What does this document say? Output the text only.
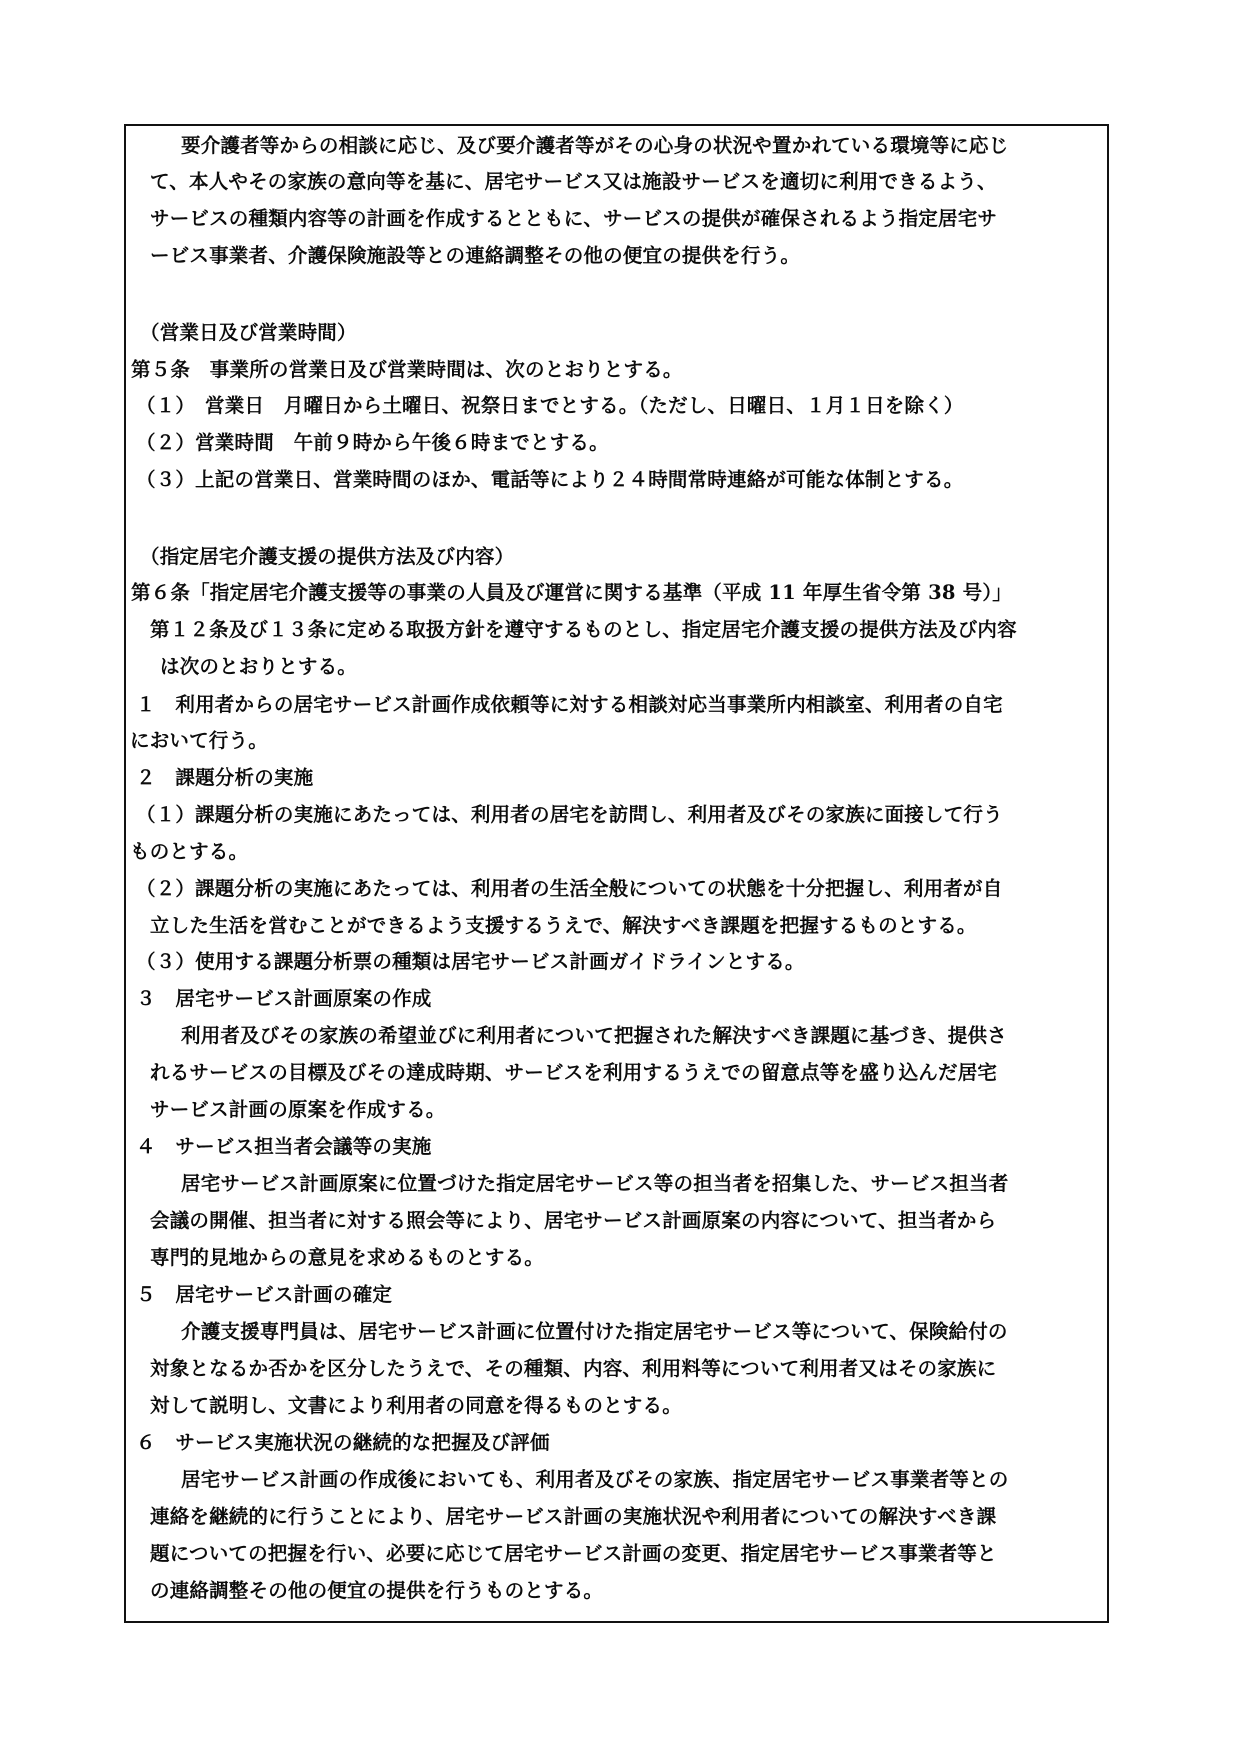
要介護者等からの相談に応じ、及び要介護者等がその心身の状況や置かれている環境等に応じ
て、本人やその家族の意向等を基に、居宅サービス又は施設サービスを適切に利用できるよう、
サービスの種類内容等の計画を作成するとともに、サービスの提供が確保されるよう指定居宅サ
ービス事業者、介護保険施設等との連絡調整その他の便宜の提供を行う。
（営業日及び営業時間）
第５条　事業所の営業日及び営業時間は、次のとおりとする。
（１）　営業日　月曜日から土曜日、祝祭日までとする。（ただし、日曜日、１月１日を除く）
（２）営業時間　午前９時から午後６時までとする。
（３）上記の営業日、営業時間のほか、電話等により２４時間常時連絡が可能な体制とする。
（指定居宅介護支援の提供方法及び内容）
第６条「指定居宅介護支援等の事業の人員及び運営に関する基準（平成 11 年厚生省令第 38 号）」
第１２条及び１３条に定める取扱方針を遵守するものとし、指定居宅介護支援の提供方法及び内容
は次のとおりとする。
１　利用者からの居宅サービス計画作成依頼等に対する相談対応当事業所内相談室、利用者の自宅
において行う。
２　課題分析の実施
（１）課題分析の実施にあたっては、利用者の居宅を訪問し、利用者及びその家族に面接して行う
ものとする。
（２）課題分析の実施にあたっては、利用者の生活全般についての状態を十分把握し、利用者が自
立した生活を営むことができるよう支援するうえで、解決すべき課題を把握するものとする。
（３）使用する課題分析票の種類は居宅サービス計画ガイドラインとする。
３　居宅サービス計画原案の作成
利用者及びその家族の希望並びに利用者について把握された解決すべき課題に基づき、提供さ
れるサービスの目標及びその達成時期、サービスを利用するうえでの留意点等を盛り込んだ居宅
サービス計画の原案を作成する。
４　サービス担当者会議等の実施
居宅サービス計画原案に位置づけた指定居宅サービス等の担当者を招集した、サービス担当者
会議の開催、担当者に対する照会等により、居宅サービス計画原案の内容について、担当者から
専門的見地からの意見を求めるものとする。
５　居宅サービス計画の確定
介護支援専門員は、居宅サービス計画に位置付けた指定居宅サービス等について、保険給付の
対象となるか否かを区分したうえで、その種類、内容、利用料等について利用者又はその家族に
対して説明し、文書により利用者の同意を得るものとする。
６　サービス実施状況の継続的な把握及び評価
居宅サービス計画の作成後においても、利用者及びその家族、指定居宅サービス事業者等との
連絡を継続的に行うことにより、居宅サービス計画の実施状況や利用者についての解決すべき課
題についての把握を行い、必要に応じて居宅サービス計画の変更、指定居宅サービス事業者等と
の連絡調整その他の便宜の提供を行うものとする。
